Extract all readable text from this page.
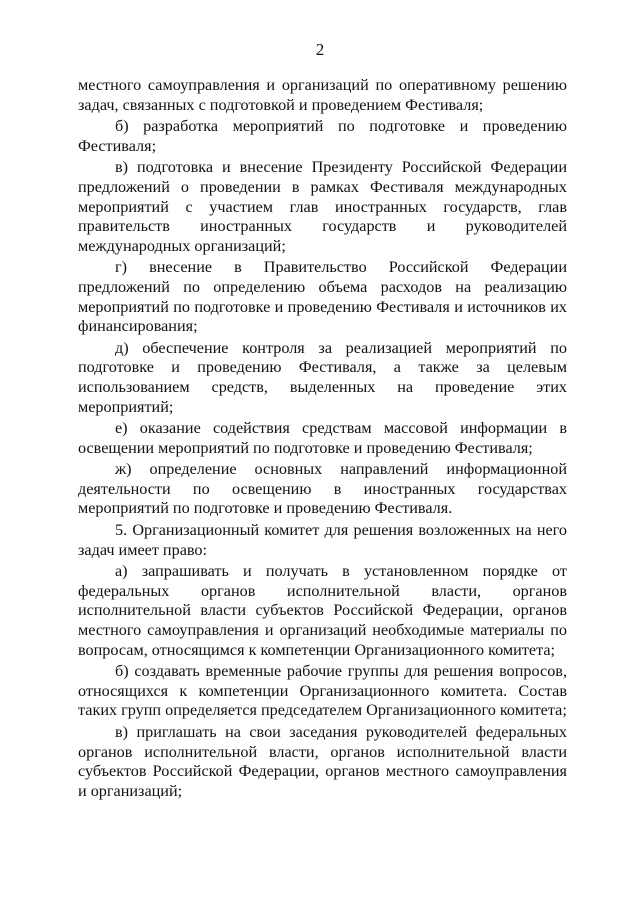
2

местного самоуправления и организаций по оперативному решению задач, связанных с подготовкой и проведением Фестиваля;

б) разработка мероприятий по подготовке и проведению Фестиваля;

в) подготовка и внесение Президенту Российской Федерации предложений о проведении в рамках Фестиваля международных мероприятий с участием глав иностранных государств, глав правительств иностранных государств и руководителей международных организаций;

г) внесение в Правительство Российской Федерации предложений по определению объема расходов на реализацию мероприятий по подготовке и проведению Фестиваля и источников их финансирования;

д) обеспечение контроля за реализацией мероприятий по подготовке и проведению Фестиваля, а также за целевым использованием средств, выделенных на проведение этих мероприятий;

е) оказание содействия средствам массовой информации в освещении мероприятий по подготовке и проведению Фестиваля;

ж) определение основных направлений информационной деятельности по освещению в иностранных государствах мероприятий по подготовке и проведению Фестиваля.

5. Организационный комитет для решения возложенных на него задач имеет право:

а) запрашивать и получать в установленном порядке от федеральных органов исполнительной власти, органов исполнительной власти субъектов Российской Федерации, органов местного самоуправления и организаций необходимые материалы по вопросам, относящимся к компетенции Организационного комитета;

б) создавать временные рабочие группы для решения вопросов, относящихся к компетенции Организационного комитета. Состав таких групп определяется председателем Организационного комитета;

в) приглашать на свои заседания руководителей федеральных органов исполнительной власти, органов исполнительной власти субъектов Российской Федерации, органов местного самоуправления и организаций;
